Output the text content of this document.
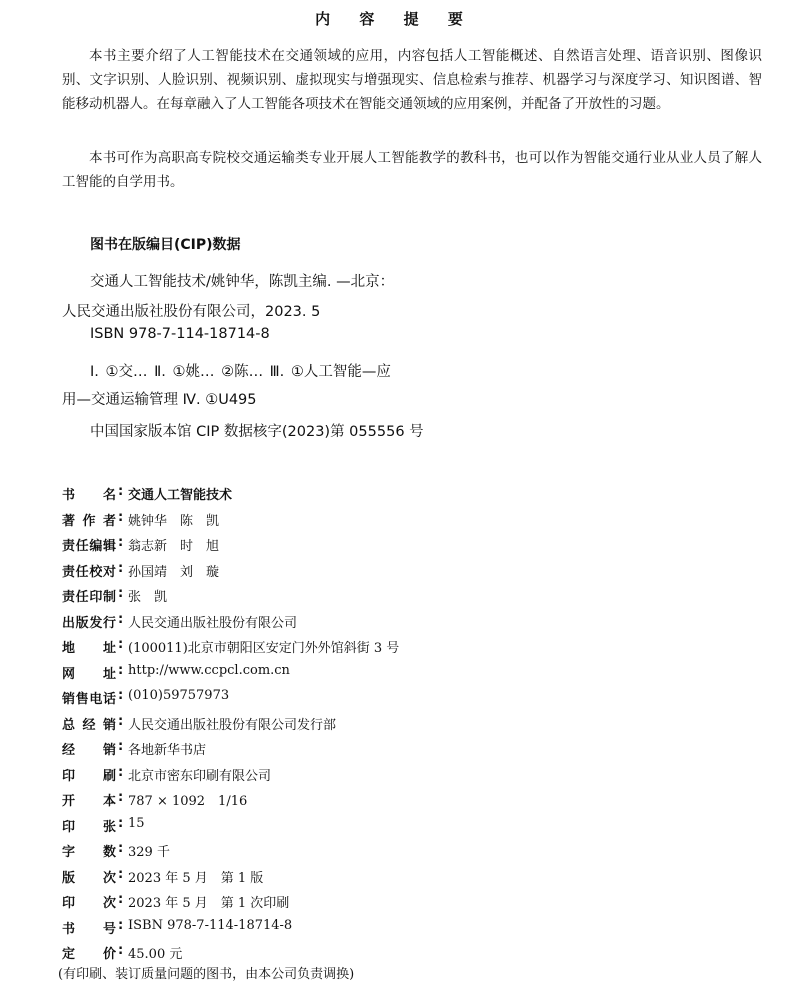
内 容 提 要
本书主要介绍了人工智能技术在交通领域的应用，内容包括人工智能概述、自然语言处理、语音识别、图像识别、文字识别、人脸识别、视频识别、虚拟现实与增强现实、信息检索与推荐、机器学习与深度学习、知识图谱、智能移动机器人。在每章融入了人工智能各项技术在智能交通领域的应用案例，并配备了开放性的习题。
本书可作为高职高专院校交通运输类专业开展人工智能教学的教科书，也可以作为智能交通行业从业人员了解人工智能的自学用书。
图书在版编目(CIP)数据
交通人工智能技术/姚钟华，陈凯主编. —北京：
人民交通出版社股份有限公司，2023. 5
ISBN 978-7-114-18714-8
Ⅰ. ①交… Ⅱ. ①姚… ②陈… Ⅲ. ①人工智能—应
用—交通运输管理 Ⅳ. ①U495
中国国家版本馆 CIP 数据核字(2023)第 055556 号
书名 : 交通人工智能技术
著作者 : 姚钟华　陈　凯
责任编辑 : 翁志新　时　旭
责任校对 : 孙国靖　刘　璇
责任印制 : 张　凯
出版发行 : 人民交通出版社股份有限公司
地址 : (100011)北京市朝阳区安定门外外馆斜街 3 号
网址 : http://www.ccpcl.com.cn
销售电话 : (010)59757973
总经销 : 人民交通出版社股份有限公司发行部
经销 : 各地新华书店
印刷 : 北京市密东印刷有限公司
开本 : 787 × 1092　1/16
印张 : 15
字数 : 329 千
版次 : 2023 年 5 月　第 1 版
印次 : 2023 年 5 月　第 1 次印刷
书号 : ISBN 978-7-114-18714-8
定价 : 45.00 元
(有印刷、装订质量问题的图书，由本公司负责调换)
